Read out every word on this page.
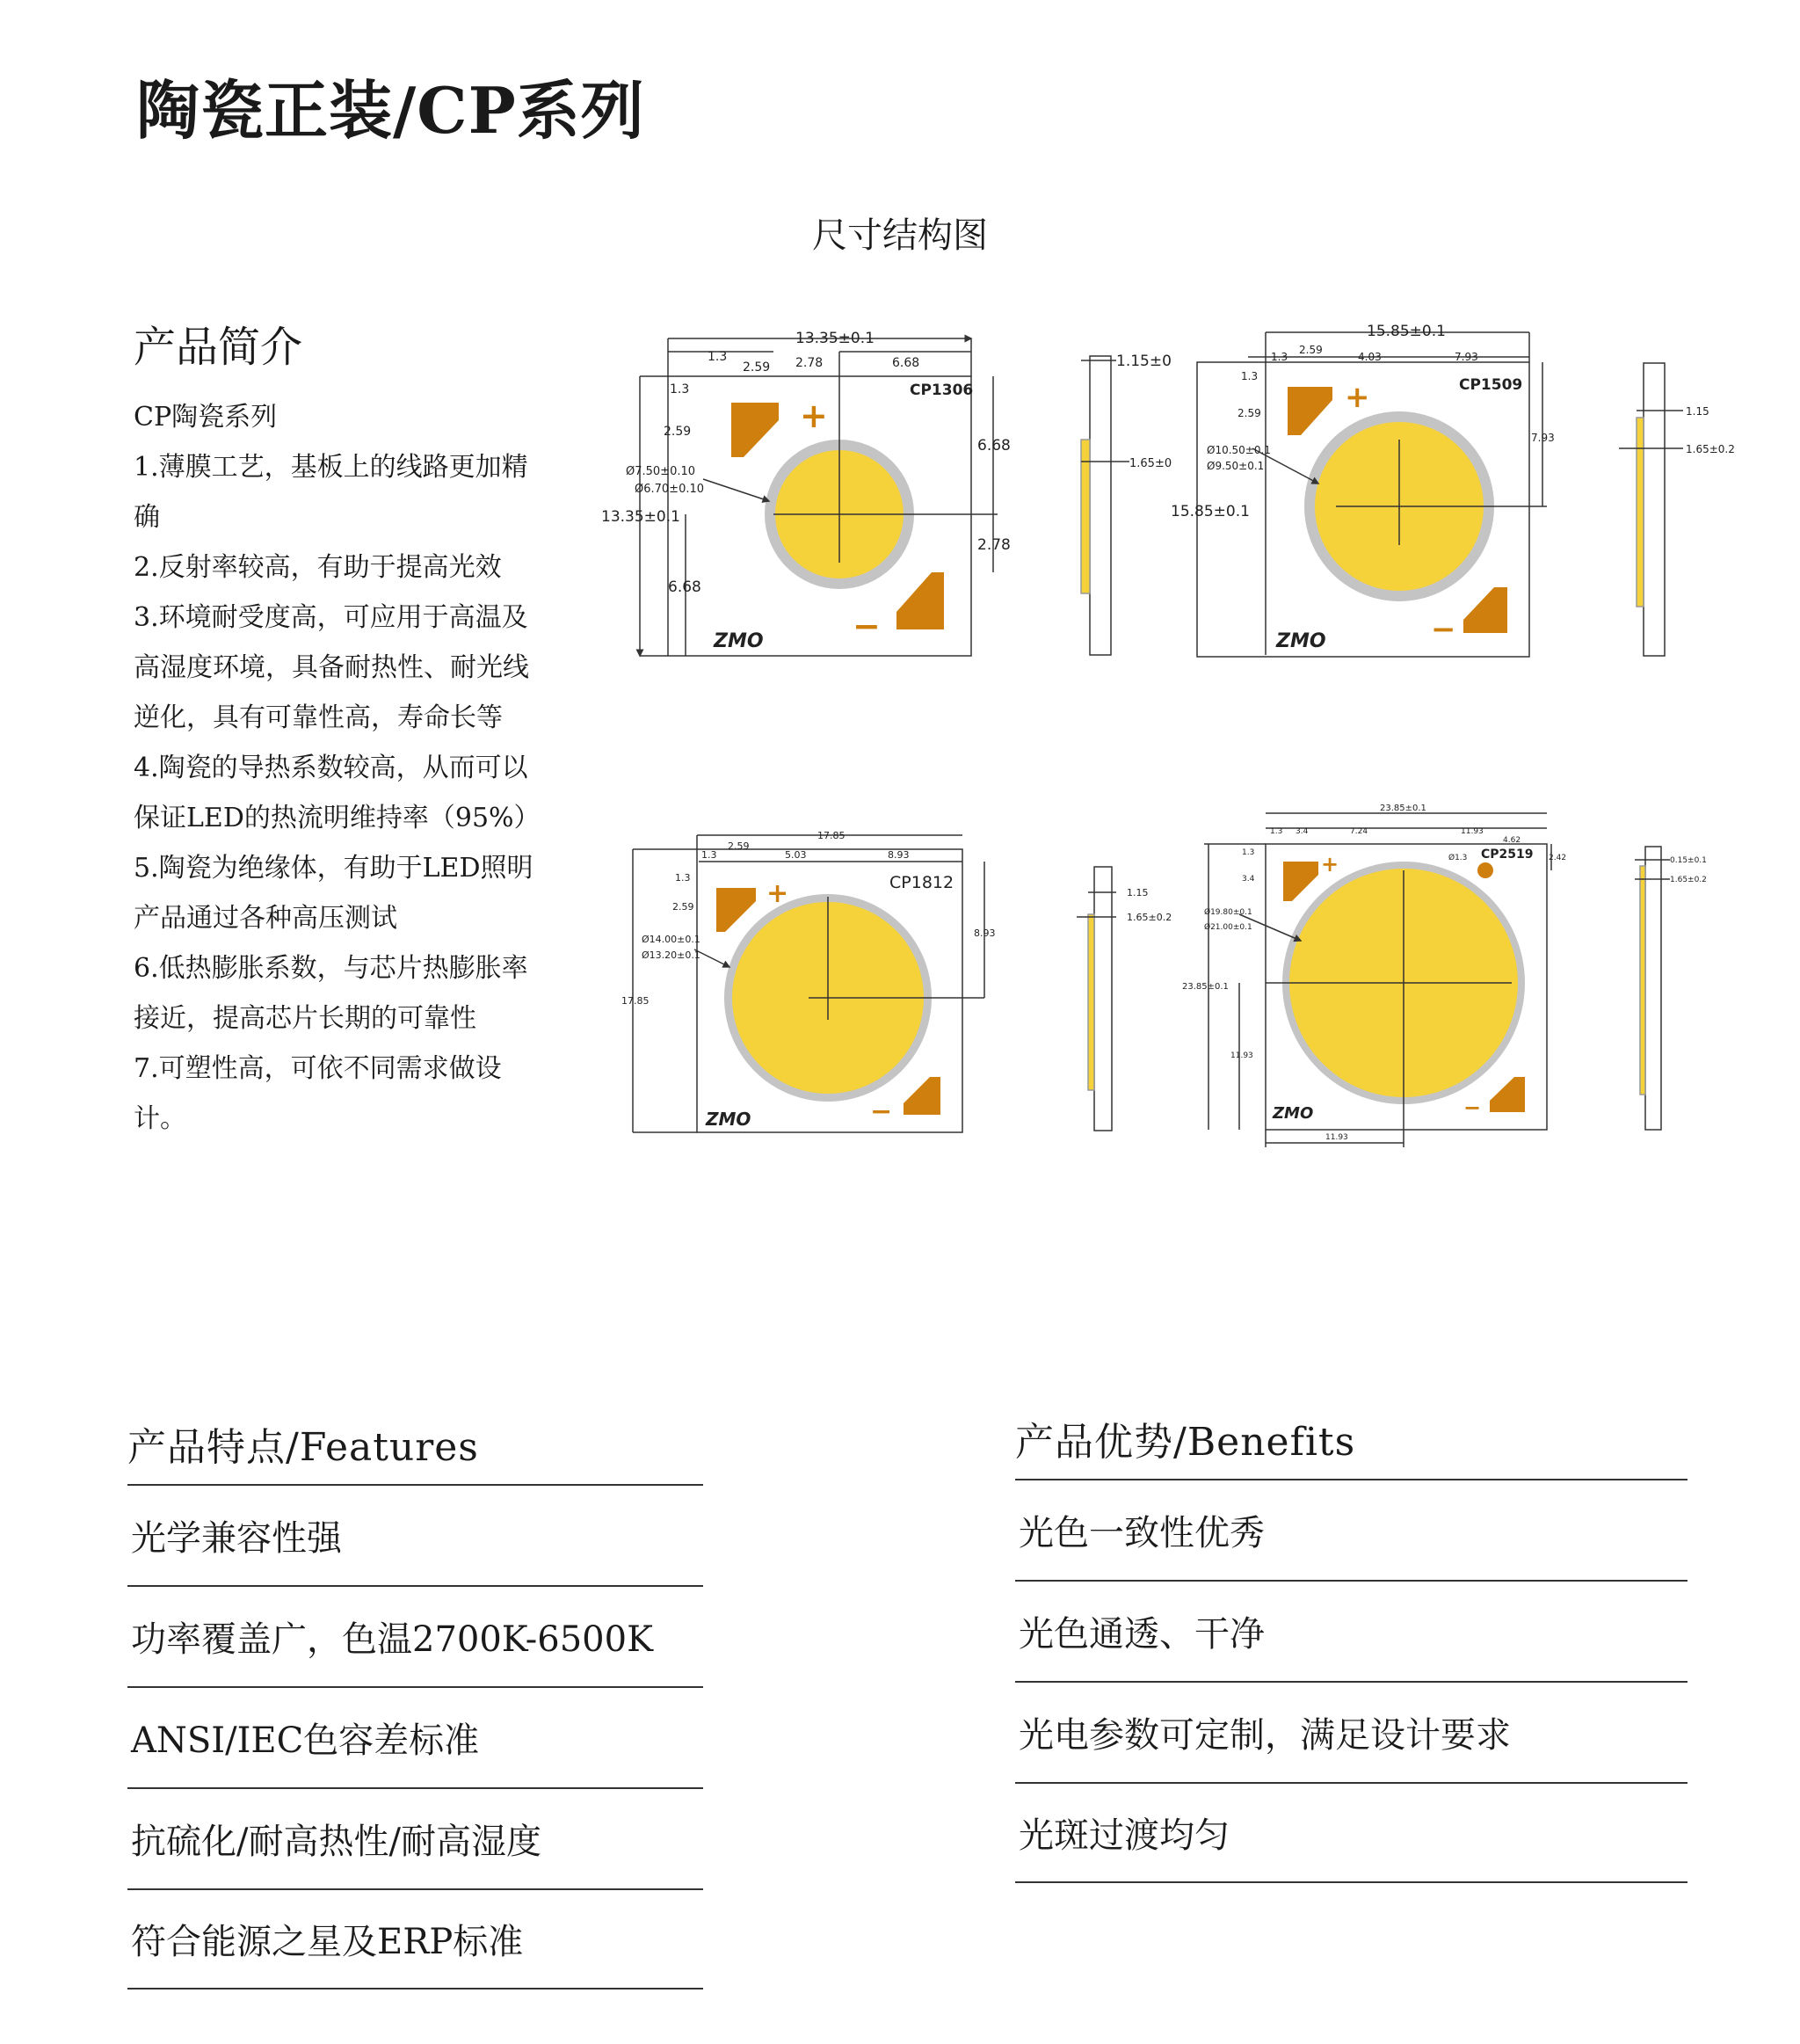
陶瓷正装/CP系列
尺寸结构图
产品简介
CP陶瓷系列
1.薄膜工艺，基板上的线路更加精
确
2.反射率较高，有助于提高光效
3.环境耐受度高，可应用于高温及
高湿度环境，具备耐热性、耐光线
逆化，具有可靠性高，寿命长等
4.陶瓷的导热系数较高，从而可以
保证LED的热流明维持率（95%）
5.陶瓷为绝缘体，有助于LED照明
产品通过各种高压测试
6.低热膨胀系数，与芯片热膨胀率
接近，提高芯片长期的可靠性
7.可塑性高，可依不同需求做设
计。
CP1306
ZMO
+
−
13.35±0.1
13.35±0.1
1.3
2.59 2.78	6.68
1.3
2.59
6.68
6.68
2.78
Ø7.50±0.10
Ø6.70±0.10
1.15±0
1.65±0
CP1509
ZMO
+
−
15.85±0.1
15.85±0.1
1.3
2.59
4.03	7.93
1.3
2.59
7.93
Ø10.50±0.1
Ø9.50±0.1
1.15
1.65±0.2
CP1812
ZMO
+
−
17.85
17.85
1.3
2.59
5.03	8.93
1.3
2.59
8.93
Ø14.00±0.1
Ø13.20±0.1
1.15
1.65±0.2
CP2519
ZMO
+
−
23.85±0.1
23.85±0.1
1.3 3.4	7.24	11.93
4.62
1.3
3.4
11.93
11.93
2.42
Ø1.3
Ø19.80±0.1
Ø21.00±0.1
0.15±0.1
1.65±0.2
产品特点/Features
光学兼容性强
功率覆盖广，色温2700K-6500K
ANSI/IEC色容差标准
抗硫化/耐高热性/耐高湿度
符合能源之星及ERP标准
产品优势/Benefits
光色一致性优秀
光色通透、干净
光电参数可定制，满足设计要求
光斑过渡均匀
